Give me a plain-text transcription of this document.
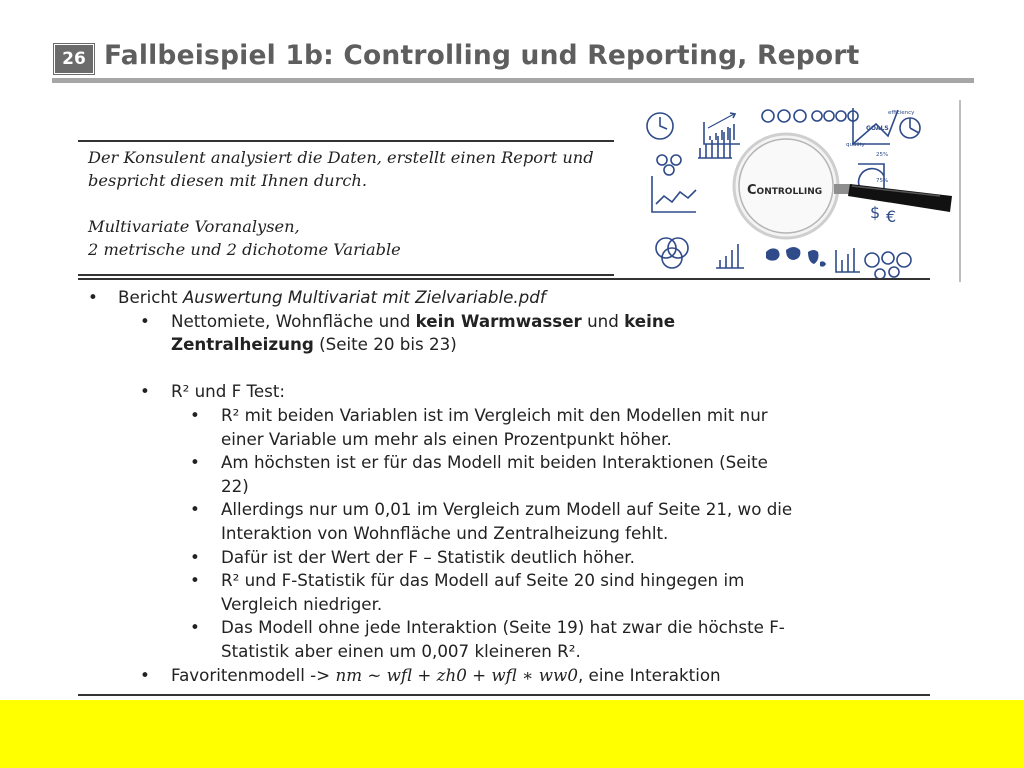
26 Fallbeispiel 1b: Controlling und Reporting, Report

Der Konsulent analysiert die Daten, erstellt einen Report und

bespricht diesen mit Ihnen durch.

Multivariate Voranalysen,

2 metrische und 2 dichotome Variable

$ €
GOALS
efficiency
quality
25%
75%
Controlling
• Bericht Auswertung Multivariat mit Zielvariable.pdf
• Nettomiete, Wohnfläche und kein Warmwasser und keine
Zentralheizung (Seite 20 bis 23)
• R² und F Test:
• R² mit beiden Variablen ist im Vergleich mit den Modellen mit nur
einer Variable um mehr als einen Prozentpunkt höher.
• Am höchsten ist er für das Modell mit beiden Interaktionen (Seite
22)
• Allerdings nur um 0,01 im Vergleich zum Modell auf Seite 21, wo die
Interaktion von Wohnfläche und Zentralheizung fehlt.
• Dafür ist der Wert der F – Statistik deutlich höher.
• R² und F-Statistik für das Modell auf Seite 20 sind hingegen im
Vergleich niedriger.
• Das Modell ohne jede Interaktion (Seite 19) hat zwar die höchste F-
Statistik aber einen um 0,007 kleineren R².
• Favoritenmodell -> nm ~ wfl + zh0 + wfl ∗ ww0, eine Interaktion
